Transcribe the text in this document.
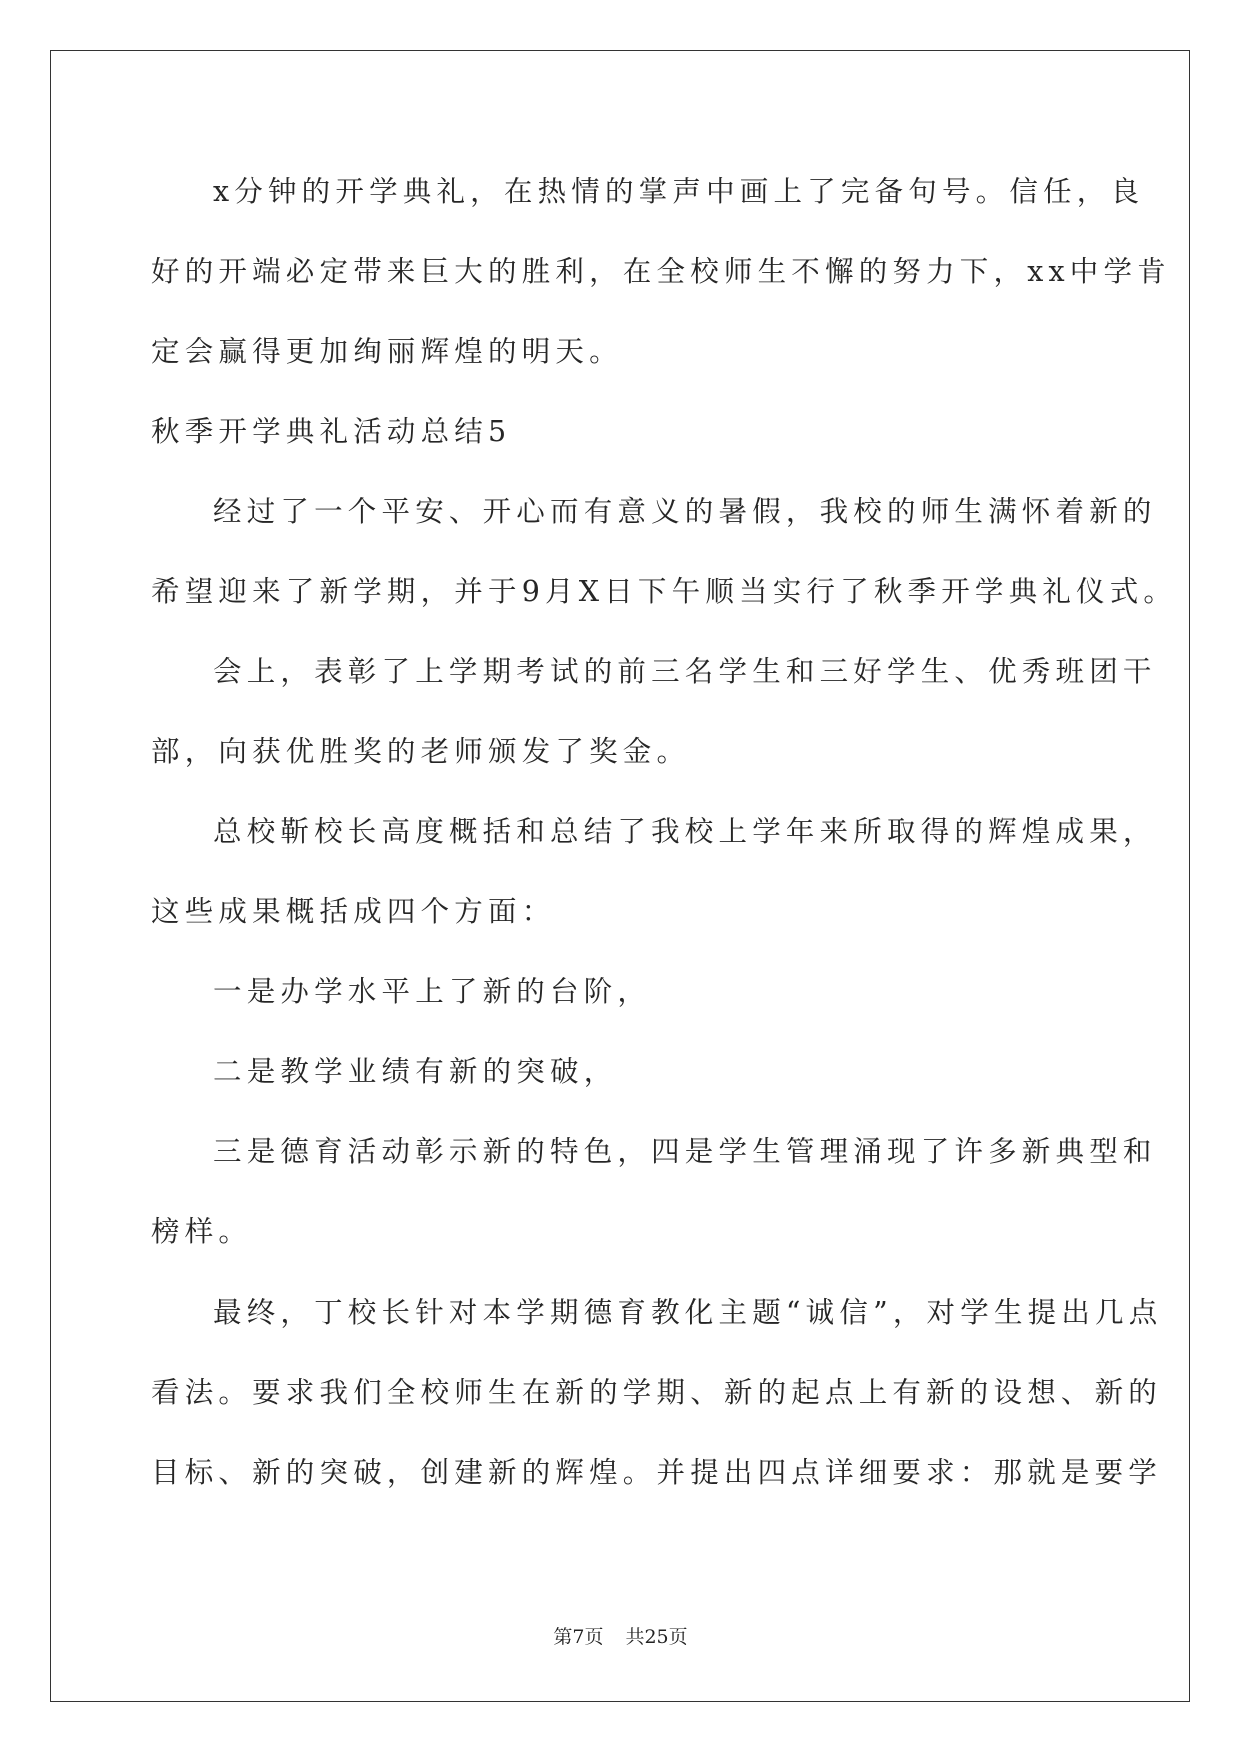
x分钟的开学典礼，在热情的掌声中画上了完备句号。信任，良
好的开端必定带来巨大的胜利，在全校师生不懈的努力下，xx中学肯
定会赢得更加绚丽辉煌的明天。
秋季开学典礼活动总结5
经过了一个平安、开心而有意义的暑假，我校的师生满怀着新的
希望迎来了新学期，并于9月X日下午顺当实行了秋季开学典礼仪式。
会上，表彰了上学期考试的前三名学生和三好学生、优秀班团干
部，向获优胜奖的老师颁发了奖金。
总校靳校长高度概括和总结了我校上学年来所取得的辉煌成果，
这些成果概括成四个方面：
一是办学水平上了新的台阶，
二是教学业绩有新的突破，
三是德育活动彰示新的特色，四是学生管理涌现了许多新典型和
榜样。
最终，丁校长针对本学期德育教化主题“诚信”，对学生提出几点
看法。要求我们全校师生在新的学期、新的起点上有新的设想、新的
目标、新的突破，创建新的辉煌。并提出四点详细要求：那就是要学
第7页 共25页
